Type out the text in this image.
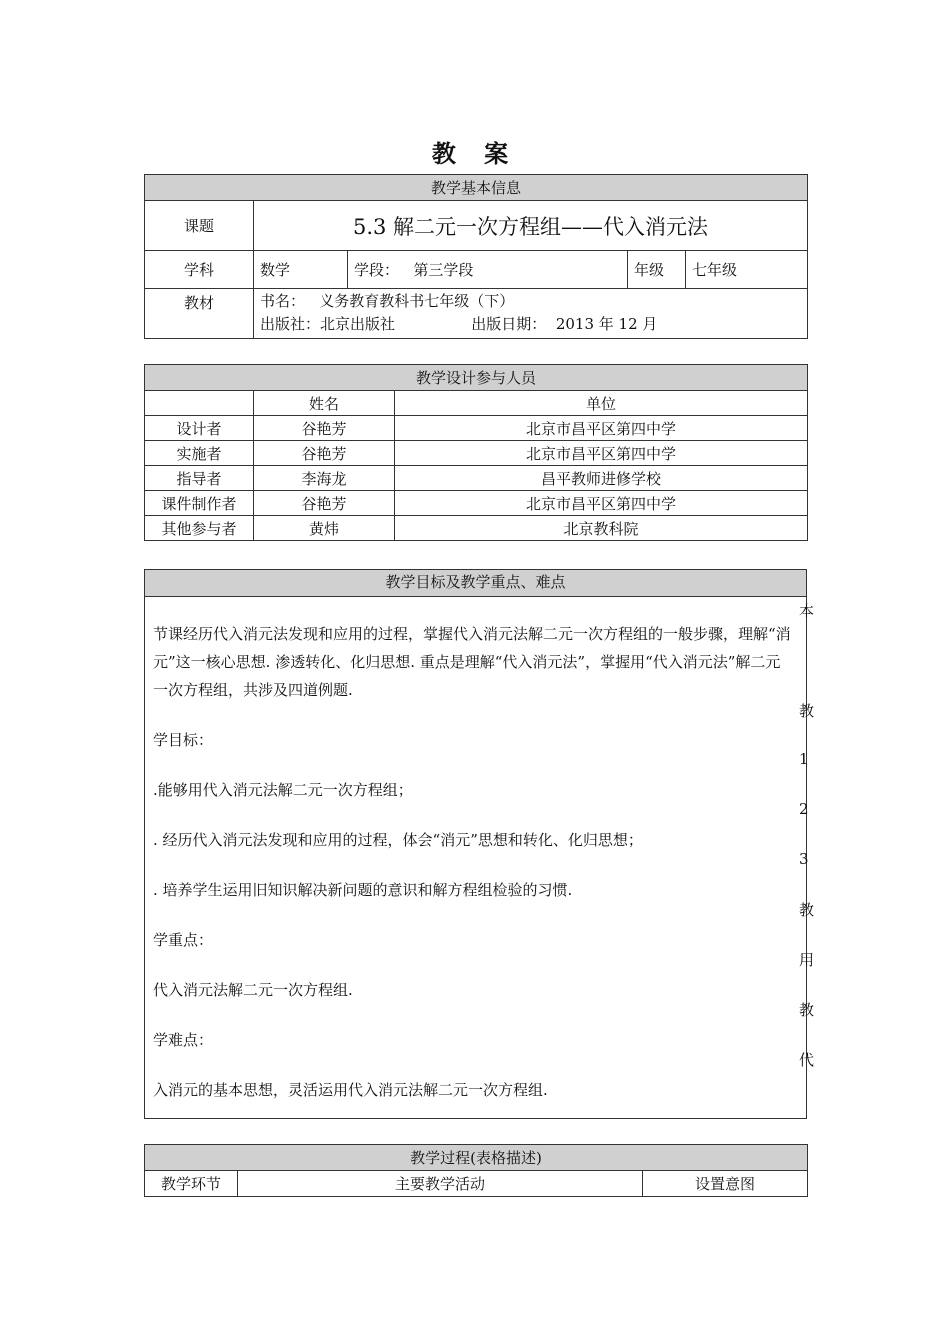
教 案
教学基本信息				
课题	5.3 解二元一次方程组——代入消元法			
学科	数学	学段： 第三学段	年级	七年级
教材	书名：   义务教育教科书七年级（下）
出版社：北京出版社                出版日期：  2013 年 12 月			
教学设计参与人员		
	姓名	单位
设计者	谷艳芳	北京市昌平区第四中学
实施者	谷艳芳	北京市昌平区第四中学
指导者	李海龙	昌平教师进修学校
课件制作者	谷艳芳	北京市昌平区第四中学
其他参与者	黄炜	北京教科院
教学目标及教学重点、难点

节课经历代入消元法发现和应用的过程，掌握代入消元法解二元一次方程组的一般步骤，理解“消元”这一核心思想. 渗透转化、化归思想. 重点是理解“代入消元法”，掌握用“代入消元法”解二元一次方程组，共涉及四道例题.

学目标：

.能够用代入消元法解二元一次方程组；

. 经历代入消元法发现和应用的过程，体会“消元”思想和转化、化归思想；

. 培养学生运用旧知识解决新问题的意识和解方程组检验的习惯.

学重点：

代入消元法解二元一次方程组.

学难点：

入消元的基本思想，灵活运用代入消元法解二元一次方程组.

本
教
1
2
3
教
用
教
代
教学过程(表格描述)
教学环节	主要教学活动	设置意图
